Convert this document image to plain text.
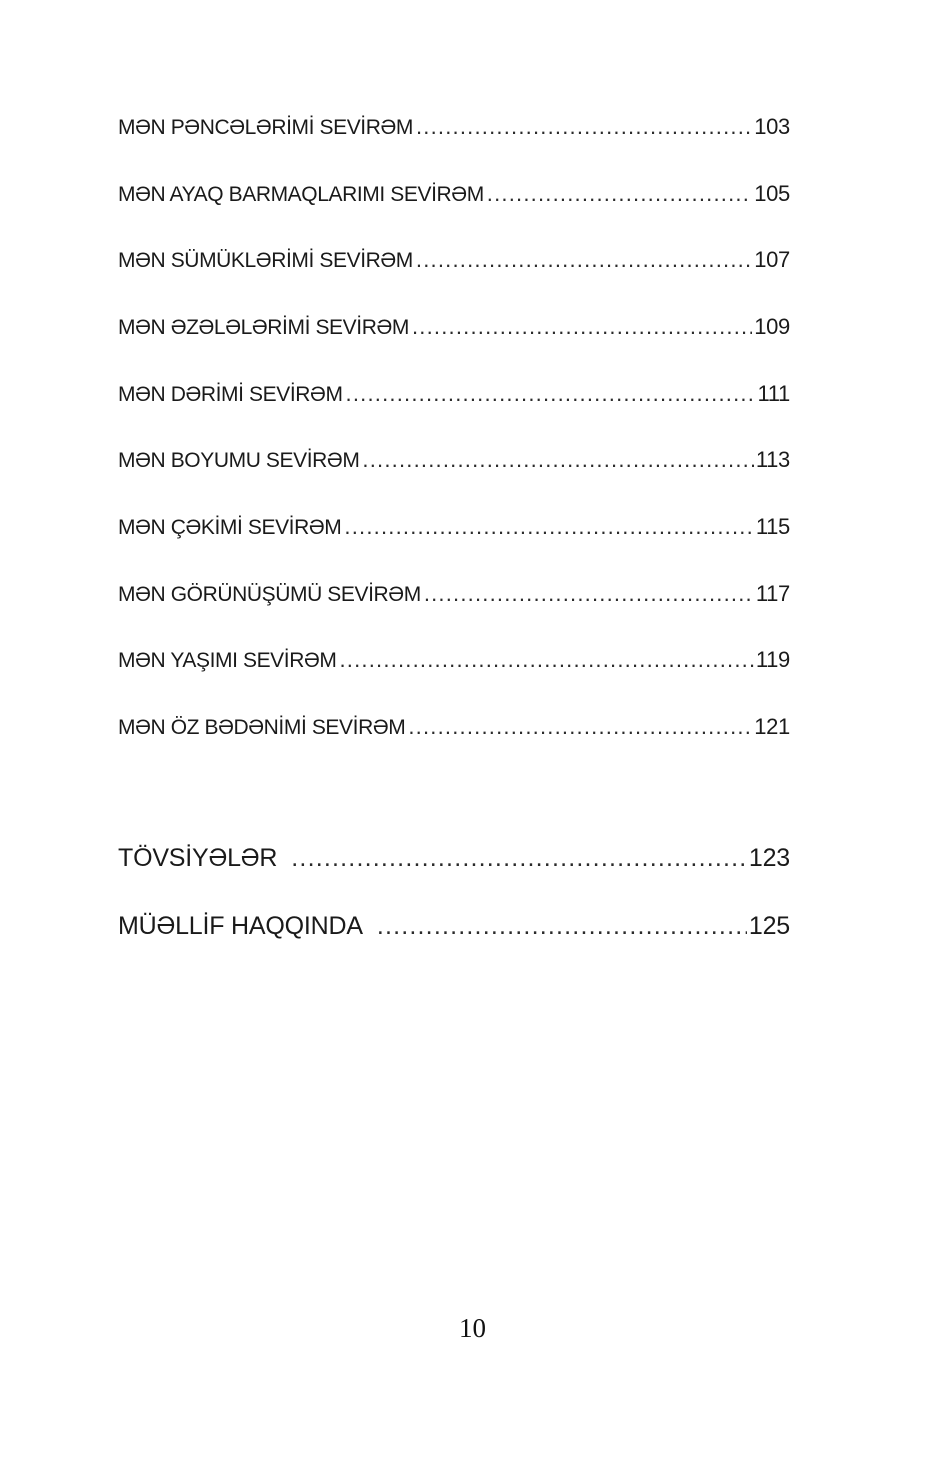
MƏN PƏNCƏLƏRİMİ SEVİRƏM .....	103
MƏN AYAQ BARMAQLARIMI SEVİRƏM .....	105
MƏN SÜMÜKLƏRİMİ SEVİRƏM .....	107
MƏN ƏZƏLƏLƏRİMİ SEVİRƏM .....	109
MƏN DƏRİMİ SEVİRƏM .....	111
MƏN BOYUMU SEVİRƏM .....	113
MƏN ÇƏKİMİ SEVİRƏM .....	115
MƏN GÖRÜNÜŞÜMÜ SEVİRƏM .....	117
MƏN YAŞIMI SEVİRƏM .....	119
MƏN ÖZ BƏDƏNİMİ SEVİRƏM .....	121
TÖVSİYƏLƏR .....	123
MÜƏLLİF HAQQINDA .....	125
10
